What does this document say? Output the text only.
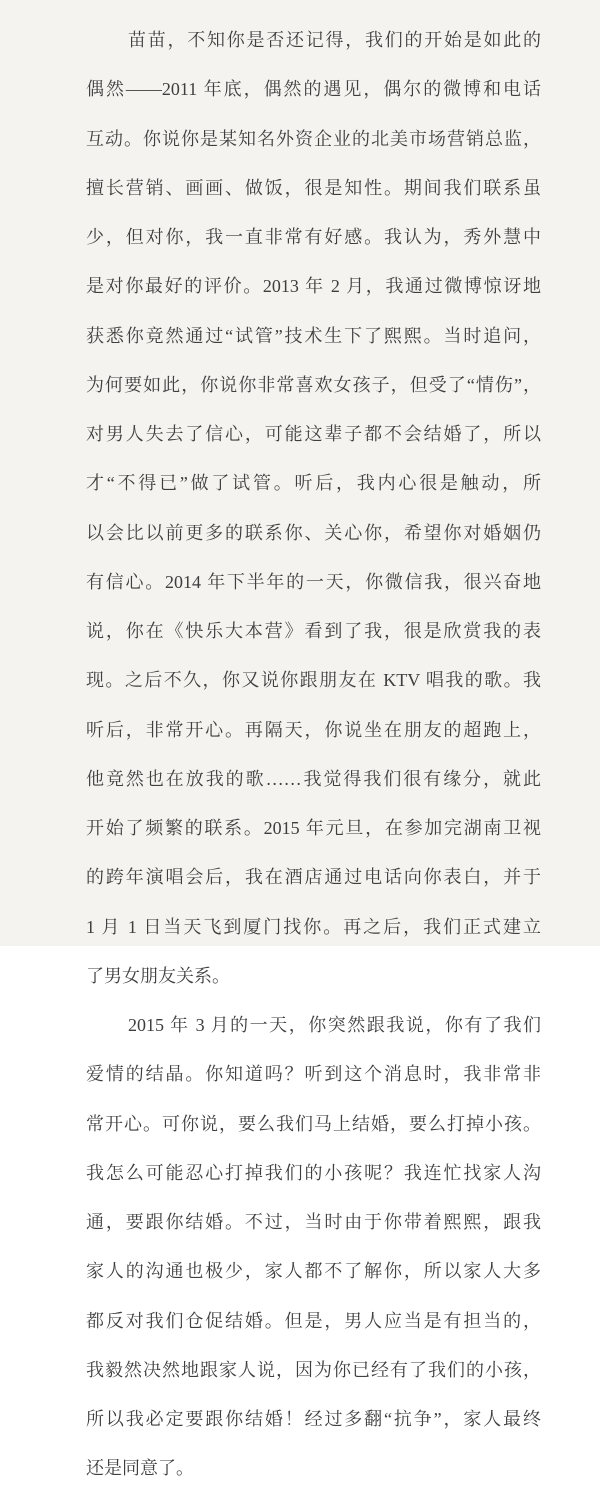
苗苗，不知你是否还记得，我们的开始是如此的

偶然——2011 年底，偶然的遇见，偶尔的微博和电话

互动。你说你是某知名外资企业的北美市场营销总监，

擅长营销、画画、做饭，很是知性。期间我们联系虽

少，但对你，我一直非常有好感。我认为，秀外慧中

是对你最好的评价。2013 年 2 月，我通过微博惊讶地

获悉你竟然通过“试管”技术生下了熙熙。当时追问，

为何要如此，你说你非常喜欢女孩子，但受了“情伤”，

对男人失去了信心，可能这辈子都不会结婚了，所以

才“不得已”做了试管。听后，我内心很是触动，所

以会比以前更多的联系你、关心你，希望你对婚姻仍

有信心。2014 年下半年的一天，你微信我，很兴奋地

说，你在《快乐大本营》看到了我，很是欣赏我的表

现。之后不久，你又说你跟朋友在 KTV 唱我的歌。我

听后，非常开心。再隔天，你说坐在朋友的超跑上，

他竟然也在放我的歌……我觉得我们很有缘分，就此

开始了频繁的联系。2015 年元旦，在参加完湖南卫视

的跨年演唱会后，我在酒店通过电话向你表白，并于

1 月 1 日当天飞到厦门找你。再之后，我们正式建立

了男女朋友关系。

2015 年 3 月的一天，你突然跟我说，你有了我们

爱情的结晶。你知道吗？听到这个消息时，我非常非

常开心。可你说，要么我们马上结婚，要么打掉小孩。

我怎么可能忍心打掉我们的小孩呢？我连忙找家人沟

通，要跟你结婚。不过，当时由于你带着熙熙，跟我

家人的沟通也极少，家人都不了解你，所以家人大多

都反对我们仓促结婚。但是，男人应当是有担当的，

我毅然决然地跟家人说，因为你已经有了我们的小孩，

所以我必定要跟你结婚！经过多翻“抗争”，家人最终

还是同意了。
